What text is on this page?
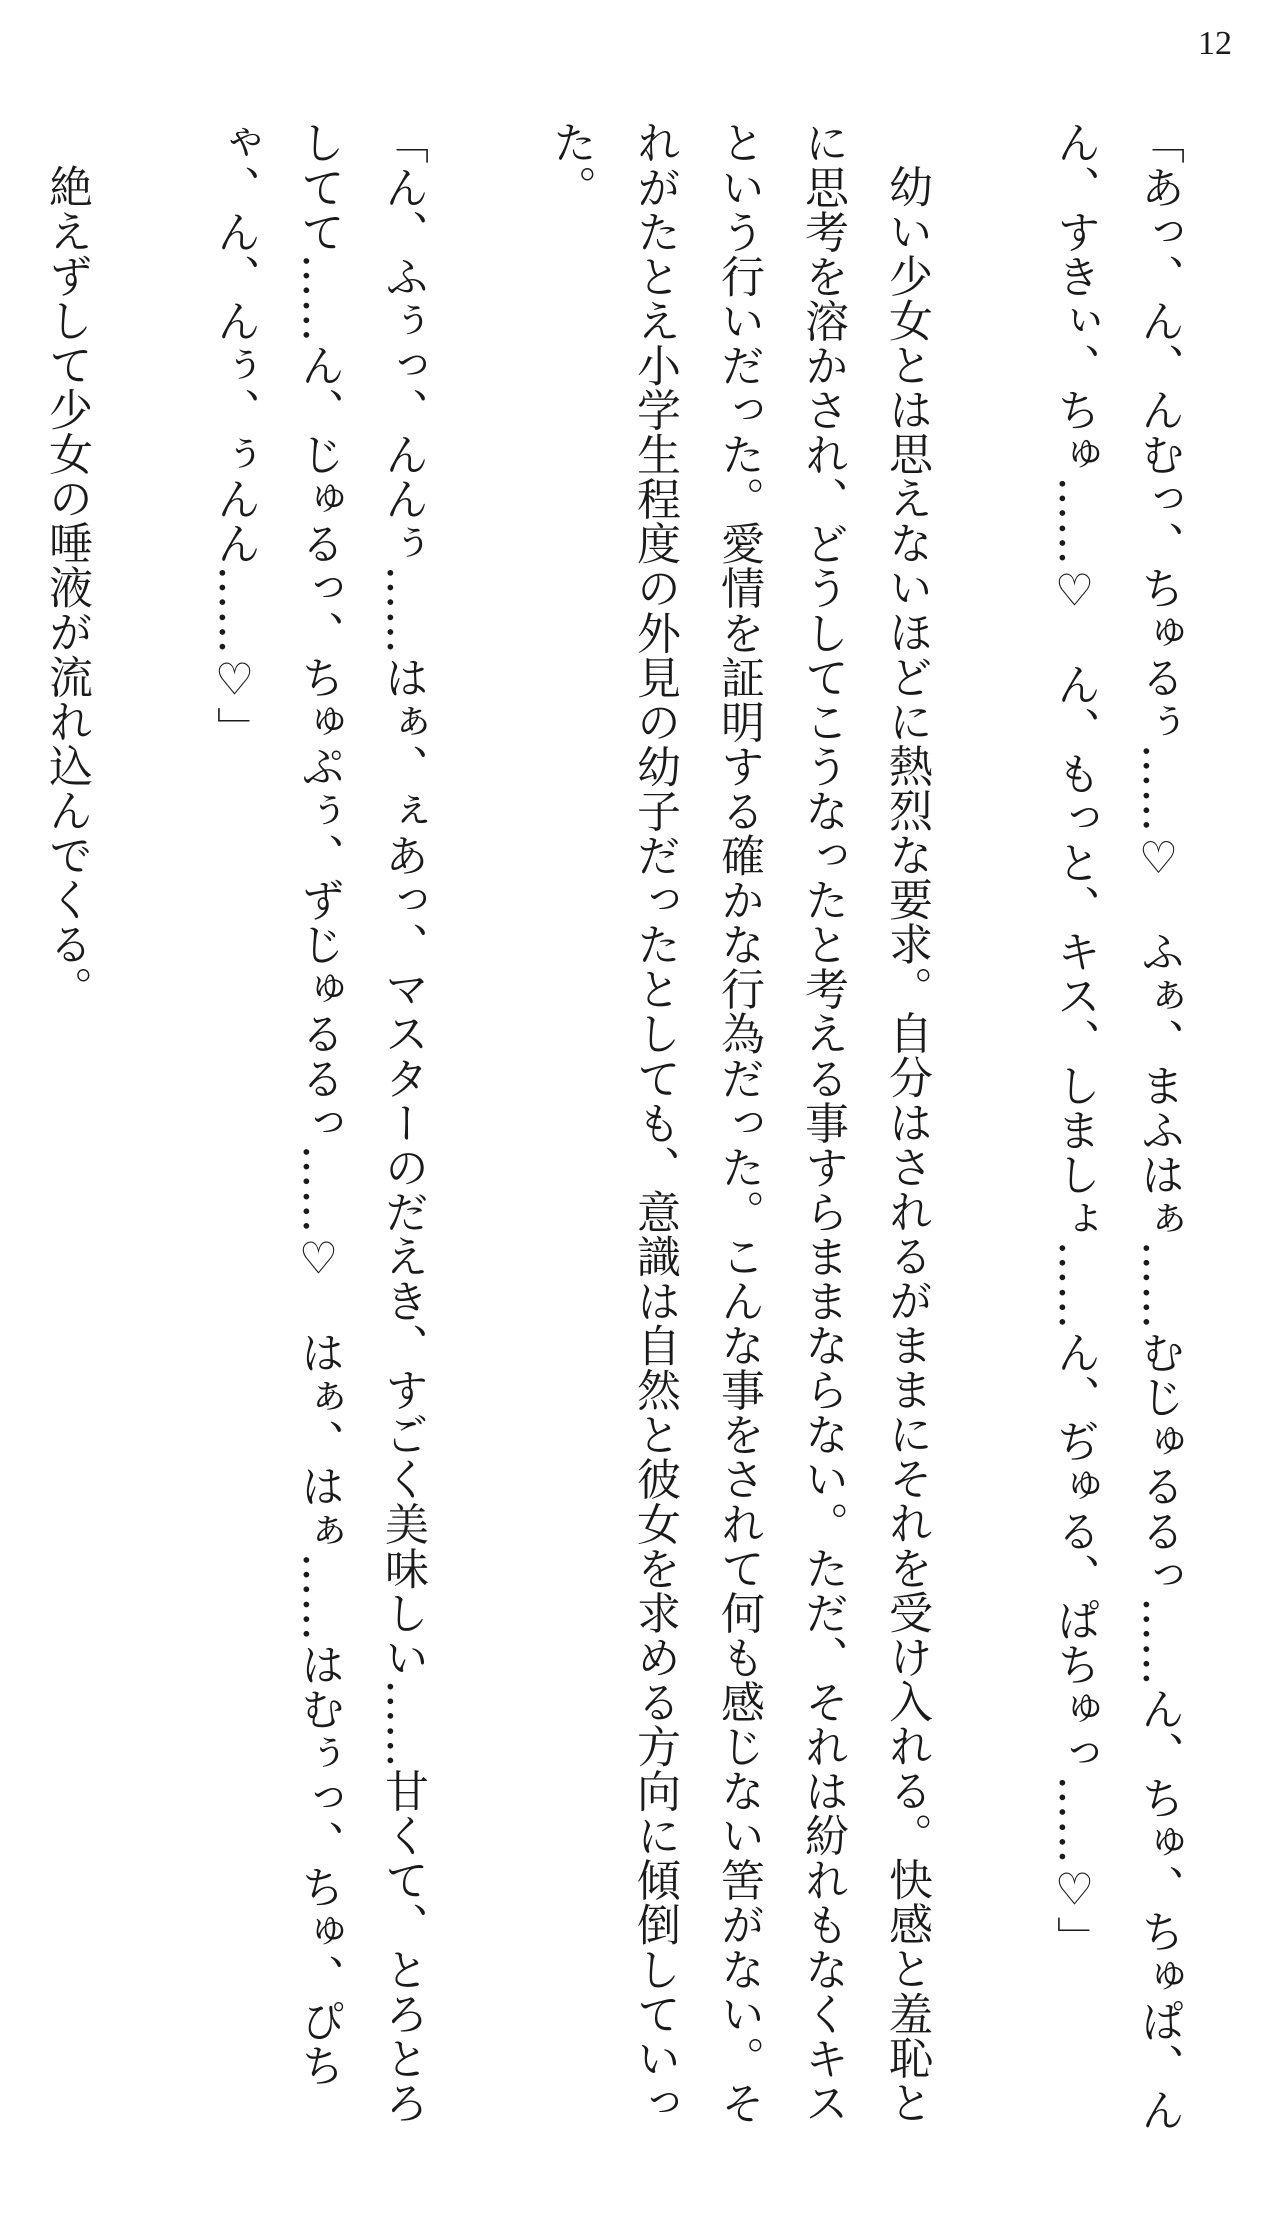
12

「あっ、ん、んむっ、ちゅるぅ……♡　ふぁ、まふはぁ……むじゅるるっ……ん、ちゅ、ちゅぱ、んん、すきぃ、ちゅ……♡　ん、もっと、キス、しましょ……ん、ぢゅる、ぱちゅっ……♡」

幼い少女とは思えないほどに熱烈な要求。自分はされるがままにそれを受け入れる。快感と羞恥とに思考を溶かされ、どうしてこうなったと考える事すらままならない。ただ、それは紛れもなくキスという行いだった。愛情を証明する確かな行為だった。こんな事をされて何も感じない筈がない。それがたとえ小学生程度の外見の幼子だったとしても、意識は自然と彼女を求める方向に傾倒していった。

「ん、ふぅっ、んんぅ……はぁ、ぇあっ、マスターのだえき、すごく美味しい……甘くて、とろとろしてて……ん、じゅるっ、ちゅぷぅ、ずじゅるるっ……♡　はぁ、はぁ……はむぅっ、ちゅ、ぴちゃ、ん、んぅ、ぅんん……♡」

絶えずして少女の唾液が流れ込んでくる。
